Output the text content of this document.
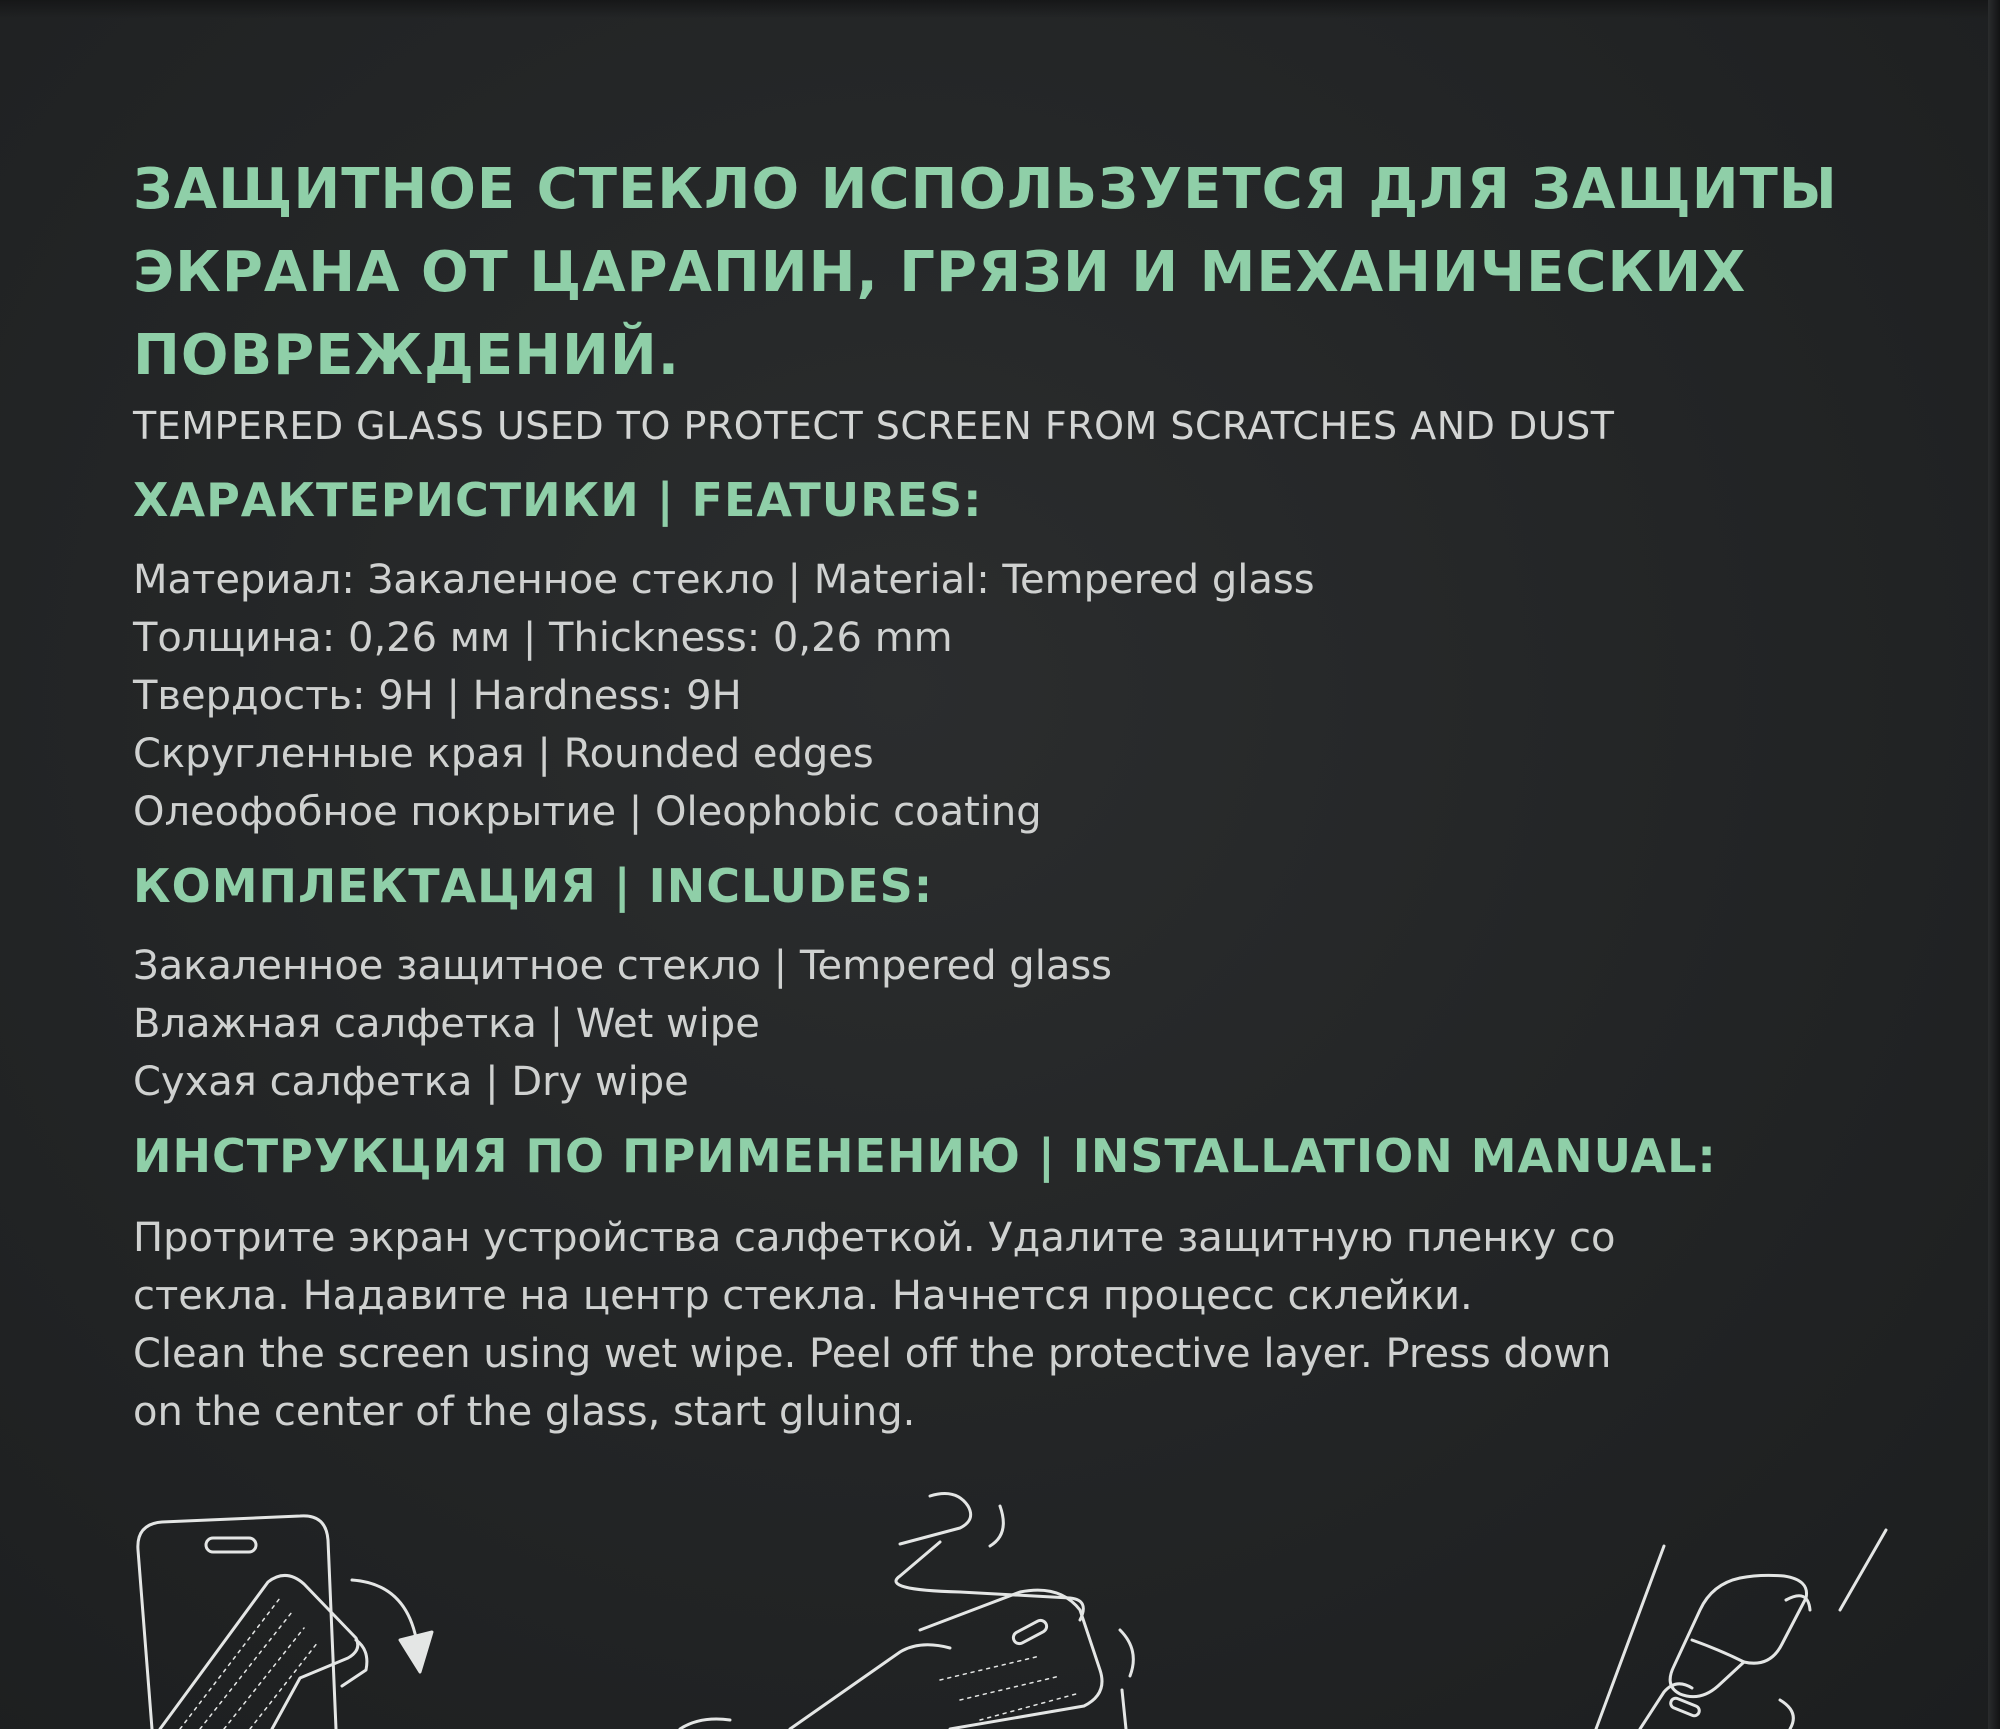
ЗАЩИТНОЕ СТЕКЛО ИСПОЛЬЗУЕТСЯ ДЛЯ ЗАЩИТЫ

ЭКРАНА ОТ ЦАРАПИН, ГРЯЗИ И МЕХАНИЧЕСКИХ

ПОВРЕЖДЕНИЙ.

TEMPERED GLASS USED TO PROTECT SCREEN FROM SCRATCHES AND DUST

ХАРАКТЕРИСТИКИ | FEATURES:
Материал: Закаленное стекло | Material: Tempered glass
Толщина: 0,26 мм | Thickness: 0,26 mm
Твердость: 9H | Hardness: 9H
Скругленные края | Rounded edges
Олеофобное покрытие | Oleophobic coating
КОМПЛЕКТАЦИЯ | INCLUDES:
Закаленное защитное стекло | Tempered glass
Влажная салфетка | Wet wipe
Сухая салфетка | Dry wipe
ИНСТРУКЦИЯ ПО ПРИМЕНЕНИЮ | INSTALLATION MANUAL:

Протрите экран устройства салфеткой. Удалите защитную пленку со

стекла. Надавите на центр стекла. Начнется процесс склейки.

Clean the screen using wet wipe. Peel off the protective layer. Press down

on the center of the glass, start gluing.
